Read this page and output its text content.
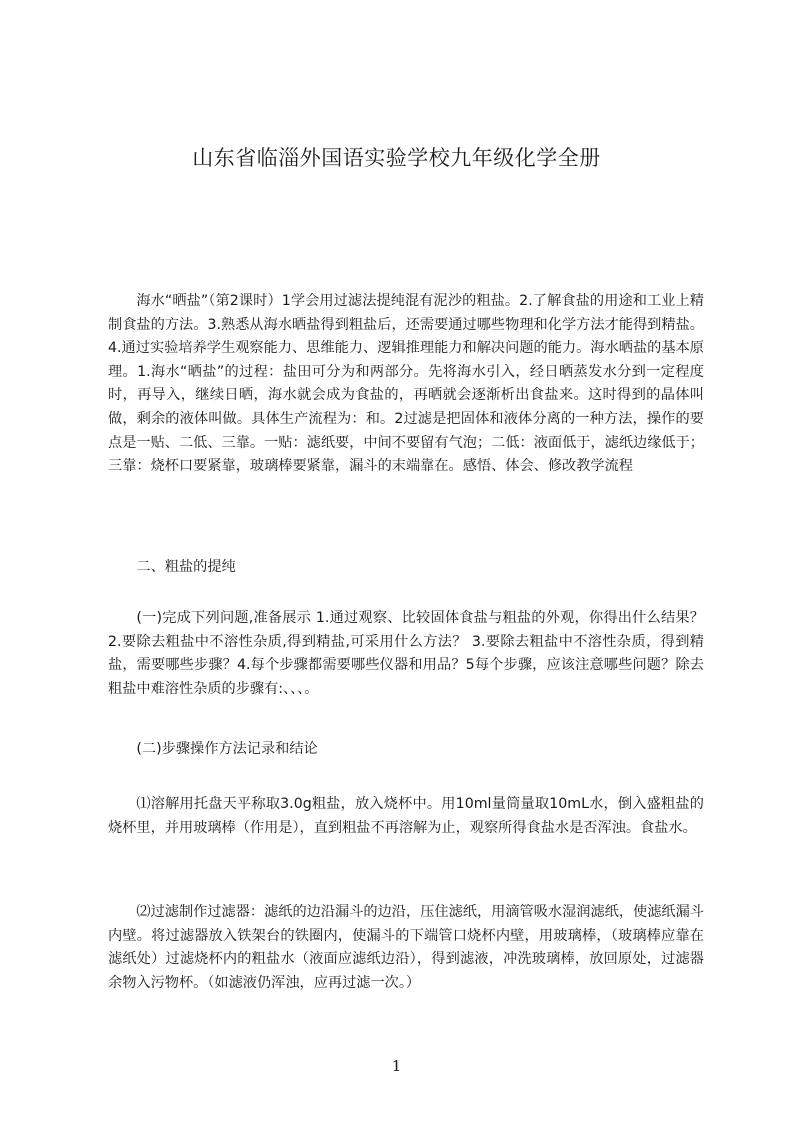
山东省临淄外国语实验学校九年级化学全册

海水“晒盐”（第2课时）1学会用过滤法提纯混有泥沙的粗盐。2.了解食盐的用途和工业上精制食盐的方法。3.熟悉从海水晒盐得到粗盐后，还需要通过哪些物理和化学方法才能得到精盐。4.通过实验培养学生观察能力、思维能力、逻辑推理能力和解决问题的能力。海水晒盐的基本原理。1.海水“晒盐”的过程：盐田可分为和两部分。先将海水引入，经日晒蒸发水分到一定程度时，再导入，继续日晒，海水就会成为食盐的，再晒就会逐渐析出食盐来。这时得到的晶体叫做，剩余的液体叫做。具体生产流程为：和。2过滤是把固体和液体分离的一种方法，操作的要点是一贴、二低、三靠。一贴：滤纸要，中间不要留有气泡；二低：液面低于，滤纸边缘低于；三靠：烧杯口要紧靠，玻璃棒要紧靠，漏斗的末端靠在。感悟、体会、修改教学流程

二、粗盐的提纯

(一)完成下列问题,准备展示 1.通过观察、比较固体食盐与粗盐的外观，你得出什么结果？2.要除去粗盐中不溶性杂质,得到精盐,可采用什么方法？ 3.要除去粗盐中不溶性杂质，得到精盐，需要哪些步骤？4.每个步骤都需要哪些仪器和用品？5每个步骤，应该注意哪些问题？除去粗盐中难溶性杂质的步骤有:、、、。

(二)步骤操作方法记录和结论

⑴溶解用托盘天平称取3.0g粗盐，放入烧杯中。用10ml量筒量取10mL水，倒入盛粗盐的烧杯里，并用玻璃棒（作用是），直到粗盐不再溶解为止，观察所得食盐水是否浑浊。食盐水。

⑵过滤制作过滤器：滤纸的边沿漏斗的边沿，压住滤纸，用滴管吸水湿润滤纸，使滤纸漏斗内壁。将过滤器放入铁架台的铁圈内，使漏斗的下端管口烧杯内壁，用玻璃棒，（玻璃棒应靠在滤纸处）过滤烧杯内的粗盐水（液面应滤纸边沿），得到滤液，冲洗玻璃棒，放回原处，过滤器余物入污物杯。（如滤液仍浑浊，应再过滤一次。）

1
